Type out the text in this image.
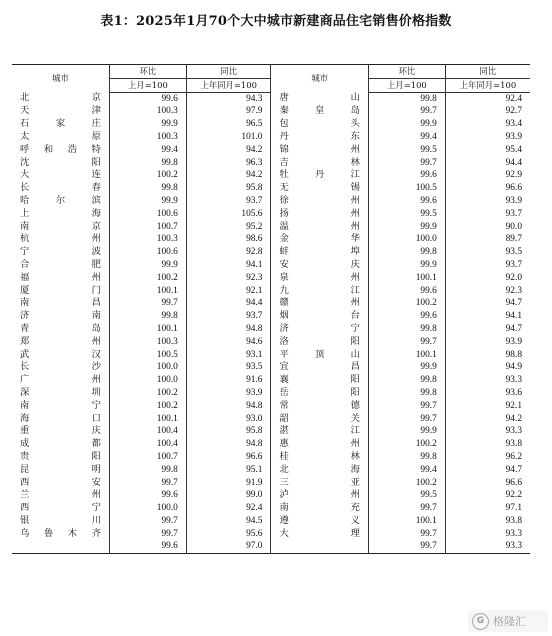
表1：2025年1月70个大中城市新建商品住宅销售价格指数
城市	环比	同比	城市	环比	同比
	上月=100	上年同月=100		上月=100	上年同月=100
北京	99.6	94.3	唐山	99.8	92.4
天津	100.3	97.9	秦皇岛	99.7	92.7
石家庄	99.9	96.5	包头	99.9	93.4
太原	100.3	101.0	丹东	99.4	93.9
呼和浩特	99.4	94.2	锦州	99.5	95.4
沈阳	99.8	96.3	吉林	99.7	94.4
大连	100.2	94.2	牡丹江	99.6	92.9
长春	99.8	95.8	无锡	100.5	96.6
哈尔滨	99.9	93.7	徐州	99.6	93.9
上海	100.6	105.6	扬州	99.5	93.7
南京	100.7	95.2	温州	99.9	90.0
杭州	100.3	98.6	金华	100.0	89.7
宁波	100.6	92.8	蚌埠	99.8	93.5
合肥	99.9	94.1	安庆	99.9	93.7
福州	100.2	92.3	泉州	100.1	92.0
厦门	100.1	92.1	九江	99.6	92.3
南昌	99.7	94.4	赣州	100.2	94.7
济南	99.8	93.7	烟台	99.6	94.1
青岛	100.1	94.8	济宁	99.8	94.7
郑州	100.3	94.6	洛阳	99.7	93.9
武汉	100.5	93.1	平顶山	100.1	98.8
长沙	100.0	93.5	宜昌	99.9	94.9
广州	100.0	91.6	襄阳	99.8	93.3
深圳	100.2	93.9	岳阳	99.8	93.6
南宁	100.2	94.8	常德	99.7	92.1
海口	100.1	93.0	韶关	99.7	94.2
重庆	100.4	95.8	湛江	99.9	93.3
成都	100.4	94.8	惠州	100.2	93.8
贵阳	100.7	96.6	桂林	99.8	96.2
昆明	99.8	95.1	北海	99.4	94.7
西安	99.7	91.9	三亚	100.2	96.6
兰州	99.6	99.0	泸州	99.5	92.2
西宁	100.0	92.4	南充	99.7	97.1
银川	99.7	94.5	遵义	100.1	93.8
乌鲁木齐	99.7	95.6	大理	99.7	93.3
	99.6	97.0		99.7	93.3
G 格隆汇
